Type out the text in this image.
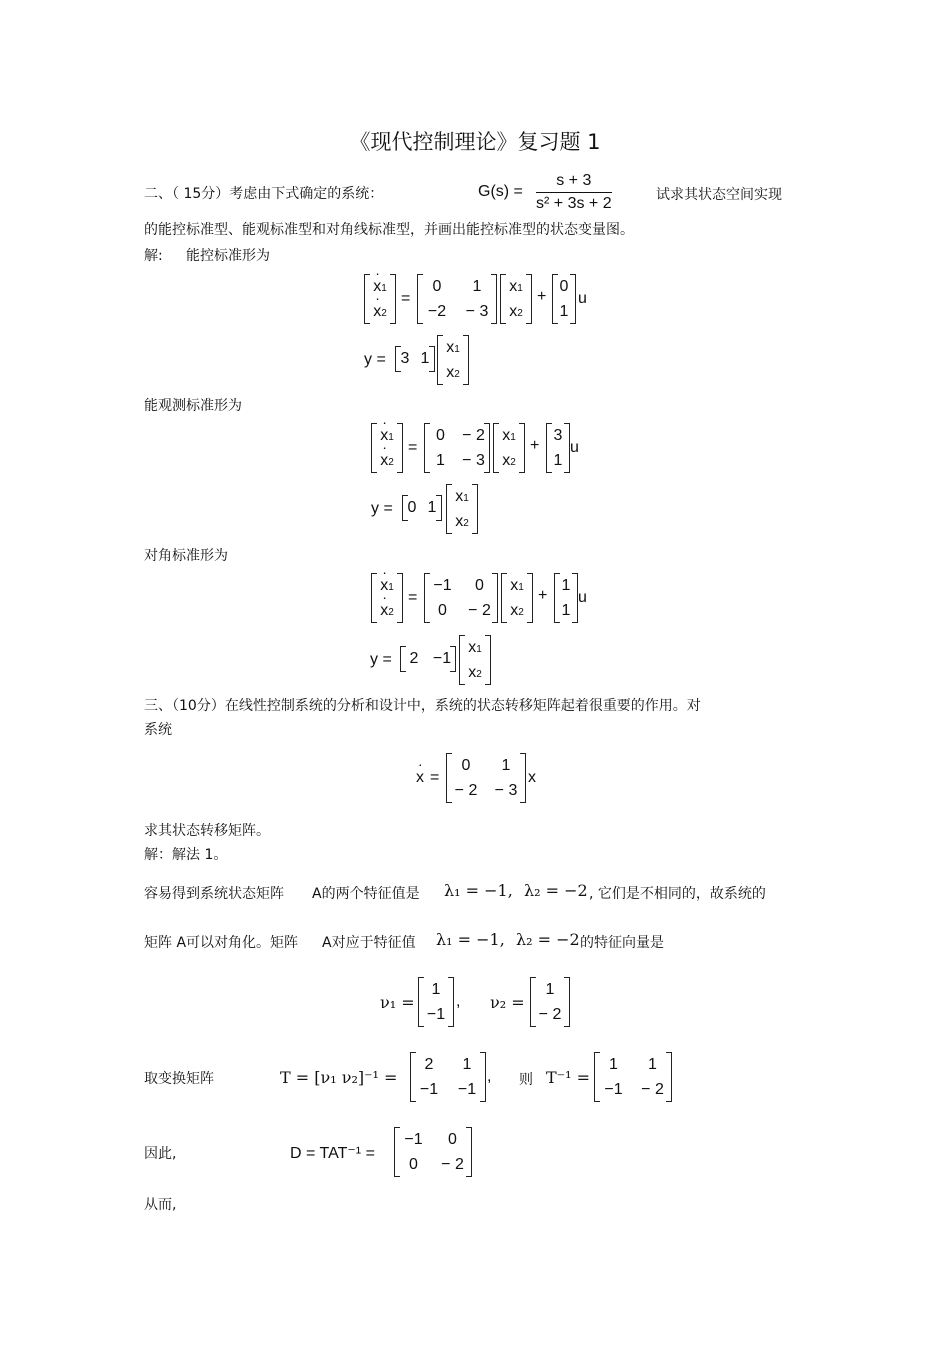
《现代控制理论》复习题 1
二、（ 15分）考虑由下式确定的系统：	$G(s) = \frac{s + 3}{\text{s² + 3s + 2}}$	试求其状态空间实现
的能控标准型、能观标准型和对角线标准型，并画出能控标准型的状态变量图。
解: 能控标准形为
· x1
· x2
=
0 1
−2 − 3
x1
x2
+
0
1
u
y = 3 1
x1
x2
能观测标准形为
· x1
· x2
=
0 − 2
1 − 3
x1
x2
+
3
1
u
y = 0 1
x1
x2
对角标准形为
· x1
· x2
=
−1 0
0 − 2
x1
x2
+
1
1
u
y = 2 −1
x1
x2
三、（10分）在线性控制系统的分析和设计中，系统的状态转移矩阵起着很重要的作用。对
系统
· x =
0 1
− 2 − 3
x
求其状态转移矩阵。
解：解法 1。
容易得到系统状态矩阵 A的两个特征值是 λ₁ = −1, λ₂ = −2 , 它们是不相同的，故系统的
矩阵 A可以对角化。矩阵 A对应于特征值 λ₁ = −1, λ₂ = −2 的特征向量是
ν₁ =
1
−1
, ν₂ =
1
− 2
取变换矩阵	T = [ν₁ ν₂]⁻¹ =
2 1
−1 −1
, 则 T⁻¹ =
1 1
−1 − 2
因此,	D = TAT⁻¹ =
−1 0
0 − 2
从而,
